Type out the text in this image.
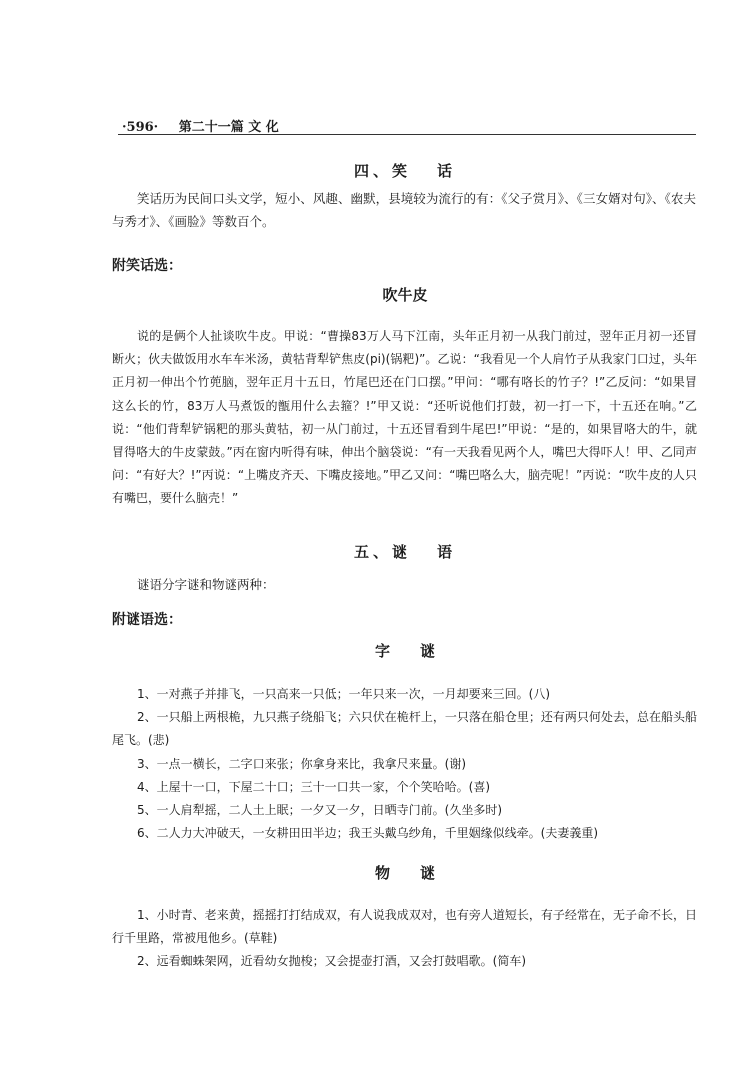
·596· 第二十一篇 文 化
四、笑 话
笑话历为民间口头文学，短小、风趣、幽默，县境较为流行的有：《父子赏月》、《三女婿对句》、《农夫与秀才》、《画脸》等数百个。
附笑话选：
吹牛皮
说的是俩个人扯谈吹牛皮。甲说：“曹操83万人马下江南，头年正月初一从我门前过，翌年正月初一还冒断火；伙夫做饭用水车车米汤，黄牯背犁铲焦皮(pi)(锅粑)”。乙说：“我看见一个人肩竹子从我家门口过，头年正月初一伸出个竹蔸脑，翌年正月十五日，竹尾巴还在门口摆。”甲问：“哪有咯长的竹子？!”乙反问：“如果冒这么长的竹，83万人马煮饭的甑用什么去箍？!”甲又说：“还听说他们打鼓，初一打一下，十五还在响。”乙说：“他们背犁铲锅粑的那头黄牯，初一从门前过，十五还冒看到牛尾巴!”甲说：“是的，如果冒咯大的牛，就冒得咯大的牛皮蒙鼓。”丙在窗内听得有味，伸出个脑袋说：“有一天我看见两个人，嘴巴大得吓人！甲、乙同声问：“有好大？!”丙说：“上嘴皮齐天、下嘴皮接地。”甲乙又问：“嘴巴咯么大，脑壳呢！”丙说：“吹牛皮的人只有嘴巴，要什么脑壳！”
五、谜 语
谜语分字谜和物谜两种：
附谜语选：
字 谜

1、一对燕子并排飞，一只高来一只低；一年只来一次，一月却要来三回。(八)

2、一只船上两根桅，九只燕子绕船飞；六只伏在桅杆上，一只落在船仓里；还有两只何处去，总在船头船尾飞。(悲)

3、一点一横长，二字口来张；你拿身来比，我拿尺来量。(谢)

4、上屋十一口，下屋二十口；三十一口共一家，个个笑哈哈。(喜)

5、一人肩犁摇，二人土上眠；一夕又一夕，日晒寺门前。(久坐多时)

6、二人力大冲破天，一女耕田田半边；我王头戴乌纱角，千里姻缘似线牵。(夫妻義重)

物 谜

1、小时青、老来黄，摇摇打打结成双，有人说我成双对，也有旁人道短长，有子经常在，无子命不长，日行千里路，常被甩他乡。(草鞋)

2、远看蜘蛛架网，近看幼女抛梭；又会提壶打酒，又会打鼓唱歌。(简车)
